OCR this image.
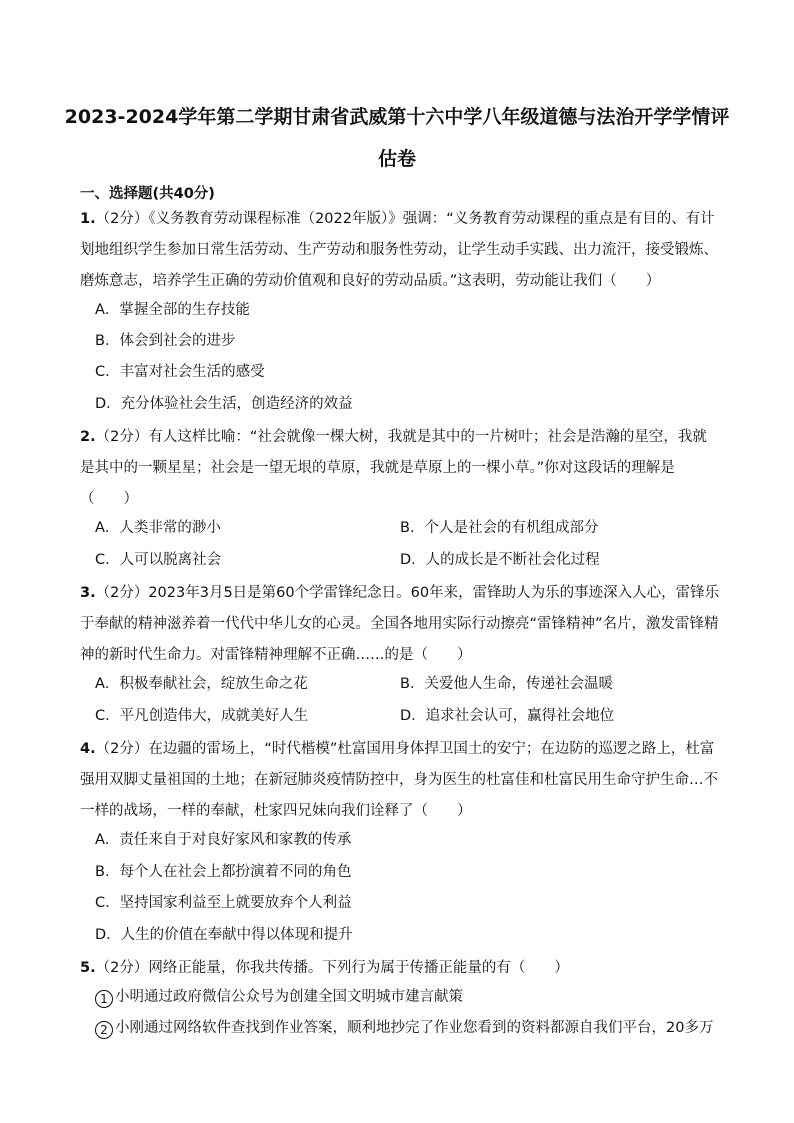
2023-2024学年第二学期甘肃省武威第十六中学八年级道德与法治开学学情评
估卷
一、选择题(共40分)
1.（2分）《义务教育劳动课程标准（2022年版）》强调：“义务教育劳动课程的重点是有目的、有计划地组织学生参加日常生活劳动、生产劳动和服务性劳动，让学生动手实践、出力流汗，接受锻炼、磨炼意志，培养学生正确的劳动价值观和良好的劳动品质。”这表明，劳动能让我们（　　）
A．掌握全部的生存技能
B．体会到社会的进步
C．丰富对社会生活的感受
D．充分体验社会生活，创造经济的效益
2.（2分）有人这样比喻：“社会就像一棵大树，我就是其中的一片树叶；社会是浩瀚的星空，我就是其中的一颗星星；社会是一望无垠的草原，我就是草原上的一棵小草。”你对这段话的理解是（　　）
A．人类非常的渺小	B．个人是社会的有机组成部分
C．人可以脱离社会	D．人的成长是不断社会化过程
3.（2分）2023年3月5日是第60个学雷锋纪念日。60年来，雷锋助人为乐的事迹深入人心，雷锋乐于奉献的精神滋养着一代代中华儿女的心灵。全国各地用实际行动擦亮“雷锋精神”名片，激发雷锋精神的新时代生命力。对雷锋精神理解不正确……的是（　　）
A．积极奉献社会，绽放生命之花	B．关爱他人生命，传递社会温暖
C．平凡创造伟大，成就美好人生	D．追求社会认可，赢得社会地位
4.（2分）在边疆的雷场上，“时代楷模”杜富国用身体捍卫国土的安宁；在边防的巡逻之路上，杜富强用双脚丈量祖国的土地；在新冠肺炎疫情防控中，身为医生的杜富佳和杜富民用生命守护生命…不一样的战场，一样的奉献，杜家四兄妹向我们诠释了（　　）
A．责任来自于对良好家风和家教的传承
B．每个人在社会上都扮演着不同的角色
C．坚持国家利益至上就要放弃个人利益
D．人生的价值在奉献中得以体现和提升
5.（2分）网络正能量，你我共传播。下列行为属于传播正能量的有（　　）
1 小明通过政府微信公众号为创建全国文明城市建言献策
2 小刚通过网络软件查找到作业答案，顺利地抄完了作业您看到的资料都源自我们平台，20多万
